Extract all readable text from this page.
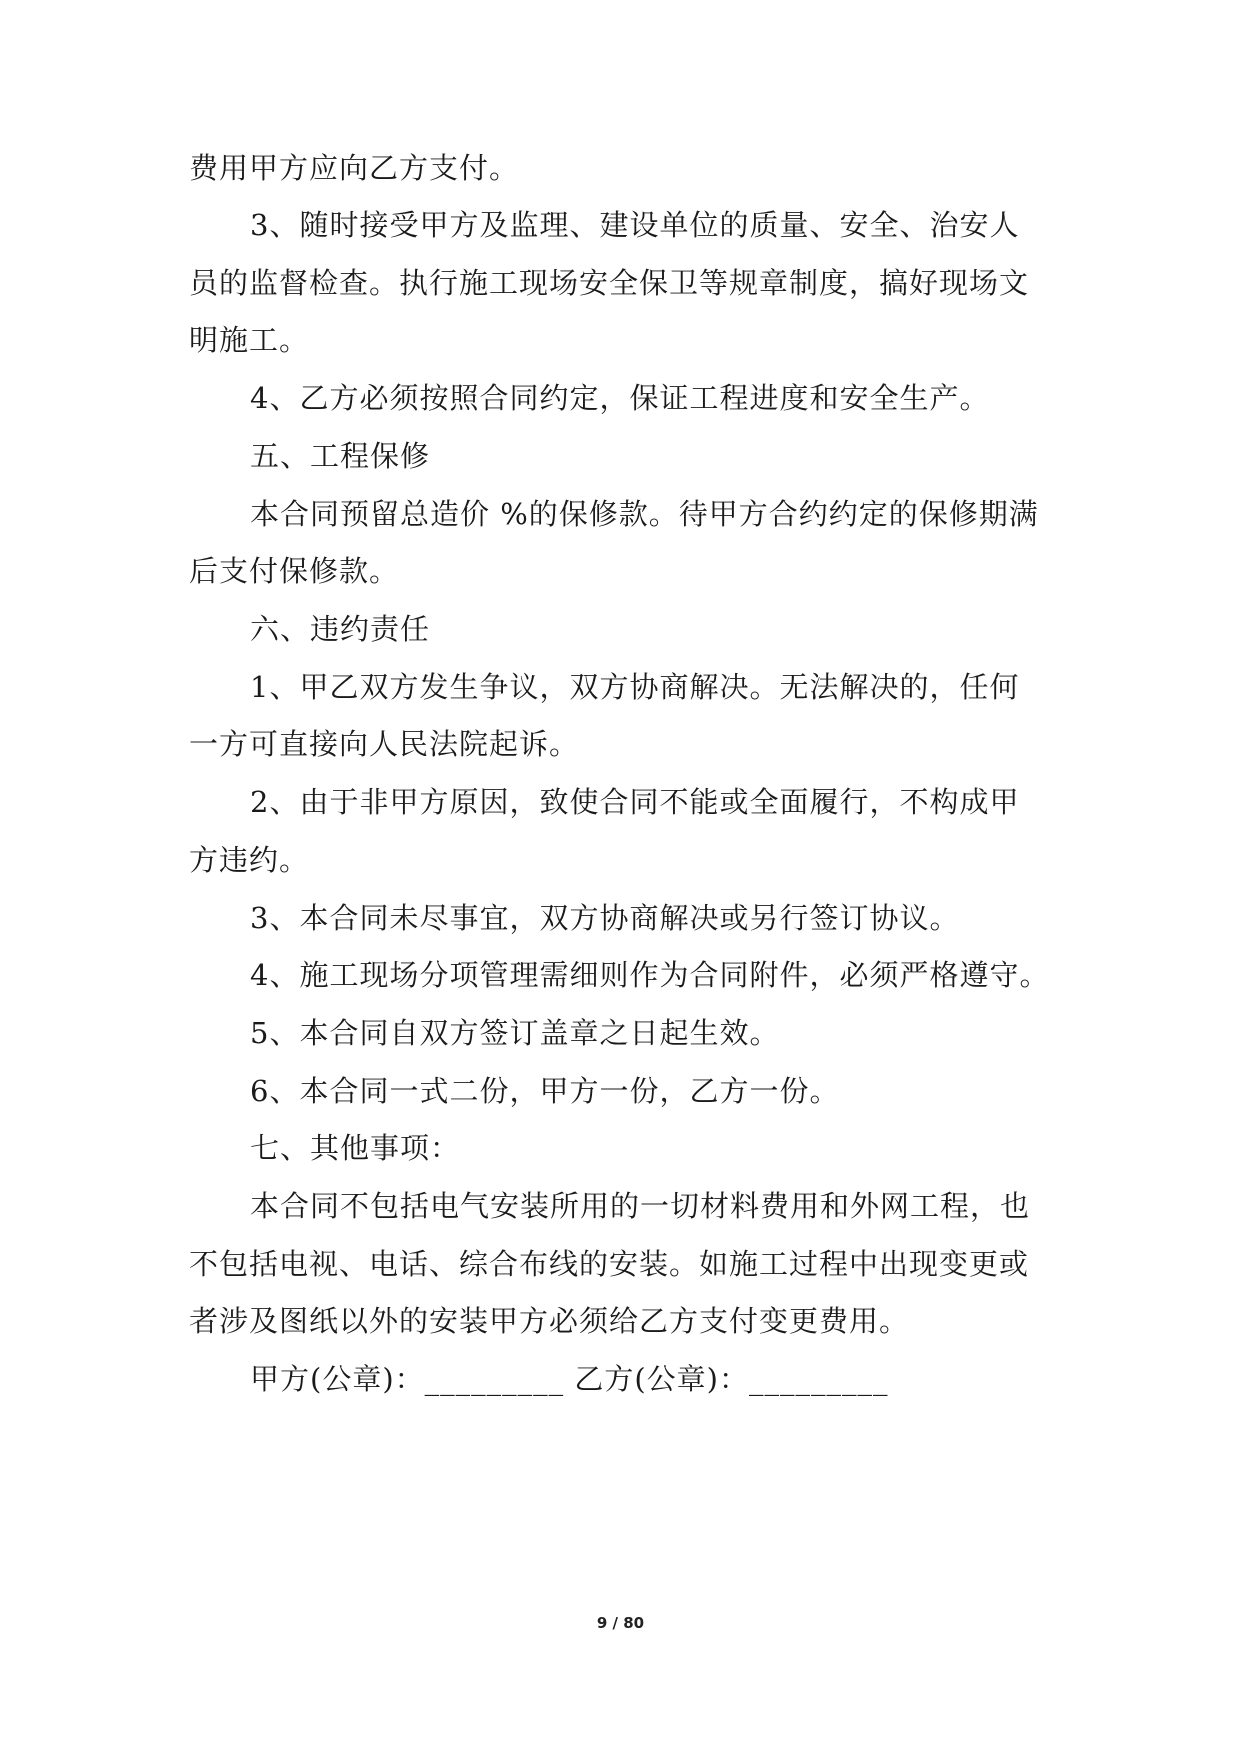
费用甲方应向乙方支付。
3、随时接受甲方及监理、建设单位的质量、安全、治安人
员的监督检查。执行施工现场安全保卫等规章制度，搞好现场文
明施工。
4、乙方必须按照合同约定，保证工程进度和安全生产。
五、工程保修
本合同预留总造价 %的保修款。待甲方合约约定的保修期满
后支付保修款。
六、违约责任
1、甲乙双方发生争议，双方协商解决。无法解决的，任何
一方可直接向人民法院起诉。
2、由于非甲方原因，致使合同不能或全面履行，不构成甲
方违约。
3、本合同未尽事宜，双方协商解决或另行签订协议。
4、施工现场分项管理需细则作为合同附件，必须严格遵守。
5、本合同自双方签订盖章之日起生效。
6、本合同一式二份，甲方一份，乙方一份。
七、其他事项：
本合同不包括电气安装所用的一切材料费用和外网工程，也
不包括电视、电话、综合布线的安装。如施工过程中出现变更或
者涉及图纸以外的安装甲方必须给乙方支付变更费用。
甲方(公章)：_________ 乙方(公章)：_________
9 / 80
